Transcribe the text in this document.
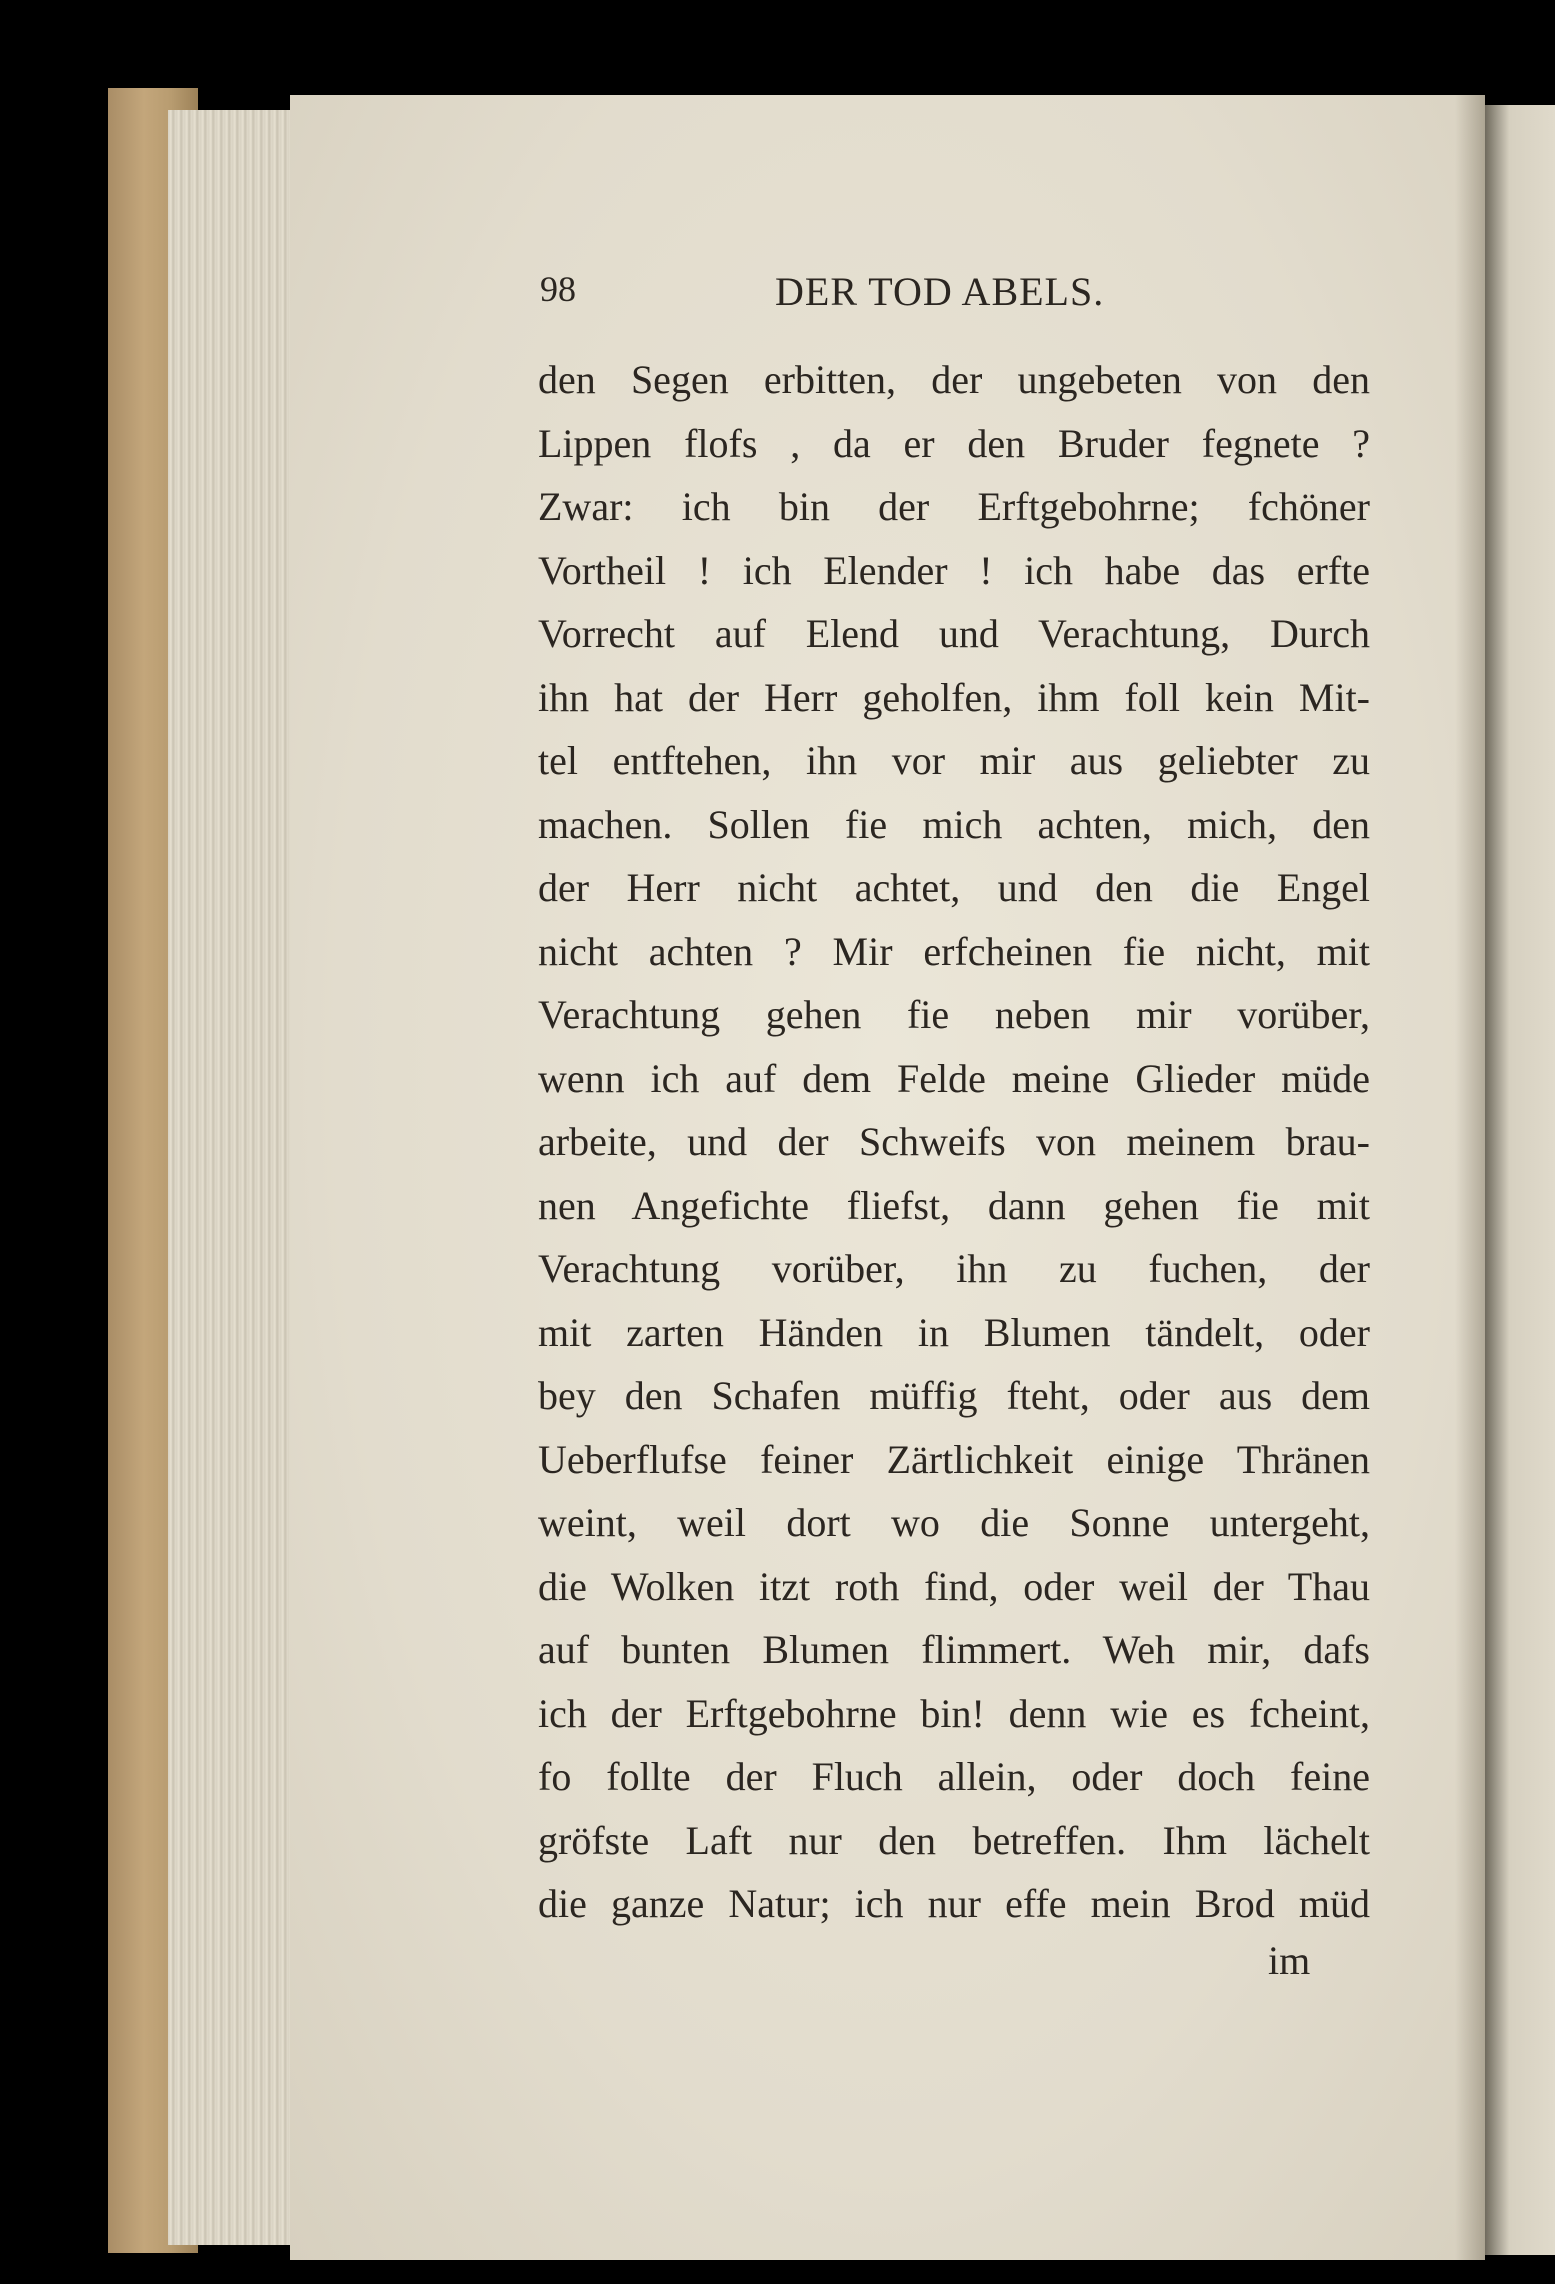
98	DER TOD ABELS.
den Segen erbitten, der ungebeten von den
Lippen flofs , da er den Bruder fegnete ?
Zwar: ich bin der Erftgebohrne; fchöner
Vortheil ! ich Elender ! ich habe das erfte
Vorrecht auf Elend und Verachtung, Durch
ihn hat der Herr geholfen, ihm foll kein Mit-
tel entftehen, ihn vor mir aus geliebter zu
machen. Sollen fie mich achten, mich, den
der Herr nicht achtet, und den die Engel
nicht achten ? Mir erfcheinen fie nicht, mit
Verachtung gehen fie neben mir vorüber,
wenn ich auf dem Felde meine Glieder müde
arbeite, und der Schweifs von meinem brau-
nen Angefichte fliefst, dann gehen fie mit
Verachtung vorüber, ihn zu fuchen, der
mit zarten Händen in Blumen tändelt, oder
bey den Schafen müffig fteht, oder aus dem
Ueberflufse feiner Zärtlichkeit einige Thränen
weint, weil dort wo die Sonne untergeht,
die Wolken itzt roth find, oder weil der Thau
auf bunten Blumen flimmert. Weh mir, dafs
ich der Erftgebohrne bin! denn wie es fcheint,
fo follte der Fluch allein, oder doch feine
gröfste Laft nur den betreffen. Ihm lächelt
die ganze Natur; ich nur effe mein Brod müd
im
